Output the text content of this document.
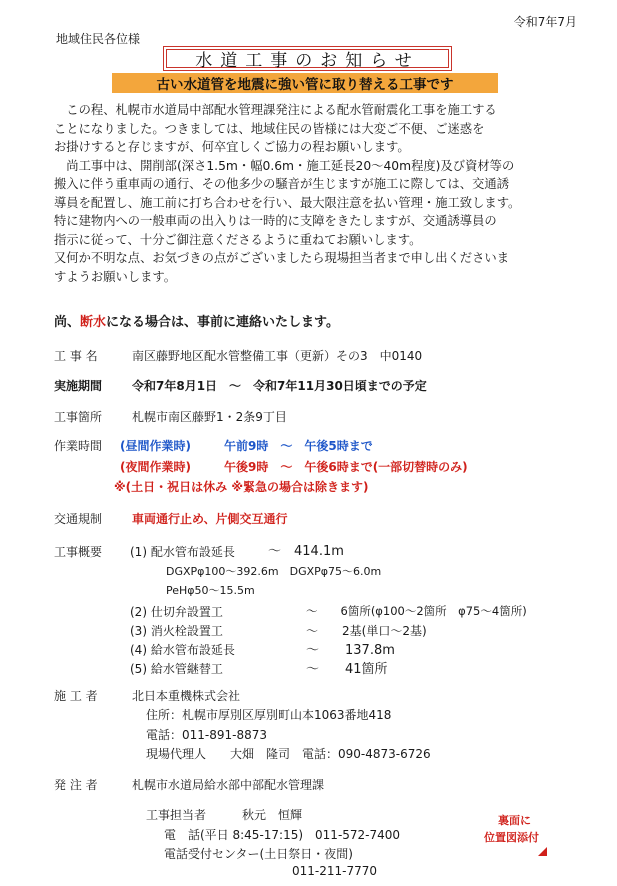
令和7年7月
地域住民各位様
水道工事のお知らせ
古い水道管を地震に強い管に取り替える工事です
　この程、札幌市水道局中部配水管理課発注による配水管耐震化工事を施工する
ことになりました。つきましては、地域住民の皆様には大変ご不便、ご迷惑を
お掛けすると存じますが、何卒宜しくご協力の程お願いします。
　尚工事中は、開削部(深さ1.5m・幅0.6m・施工延長20～40m程度)及び資材等の
搬入に伴う重車両の通行、その他多少の騒音が生じますが施工に際しては、交通誘
導員を配置し、施工前に打ち合わせを行い、最大限注意を払い管理・施工致します。
特に建物内への一般車両の出入りは一時的に支障をきたしますが、交通誘導員の
指示に従って、十分ご御注意くださるように重ねてお願いします。
又何か不明な点、お気づきの点がございましたら現場担当者まで申し出くださいま
すようお願いします。
尚、断水になる場合は、事前に連絡いたします。
工 事 名	南区藤野地区配水管整備工事（更新）その3　中0140
実施期間 令和7年8月1日　～　令和7年11月30日頃までの予定
工事箇所 札幌市南区藤野1・2条9丁目
作業時間 (昼間作業時)	午前9時　～　午後5時まで
(夜間作業時)	午後9時　～　午後6時まで(一部切替時のみ)
※(土日・祝日は休み ※緊急の場合は除きます)
交通規制 車両通行止め、片側交互通行
工事概要 (1) 配水管布設延長	～　414.1m
DGXPφ100～392.6m　DGXPφ75～6.0m
PeHφ50～15.5m
(2) 仕切弁設置工	～　　6箇所(φ100～2箇所　φ75～4箇所)
(3) 消火栓設置工	～　　2基(単口～2基)
(4) 給水管布設延長	～　　137.8m
(5) 給水管継替工	～　　41箇所
施 工 者	北日本重機株式会社
住所：札幌市厚別区厚別町山本1063番地418
電話：011-891-8873
現場代理人　　大畑　隆司　電話：090-4873-6726
発 注 者	札幌市水道局給水部中部配水管理課
工事担当者　　　秋元　恒輝
電　話(平日 8:45-17:15)　011-572-7400
電話受付センター(土日祭日・夜間)
011-211-7770
裏面に
位置図添付
